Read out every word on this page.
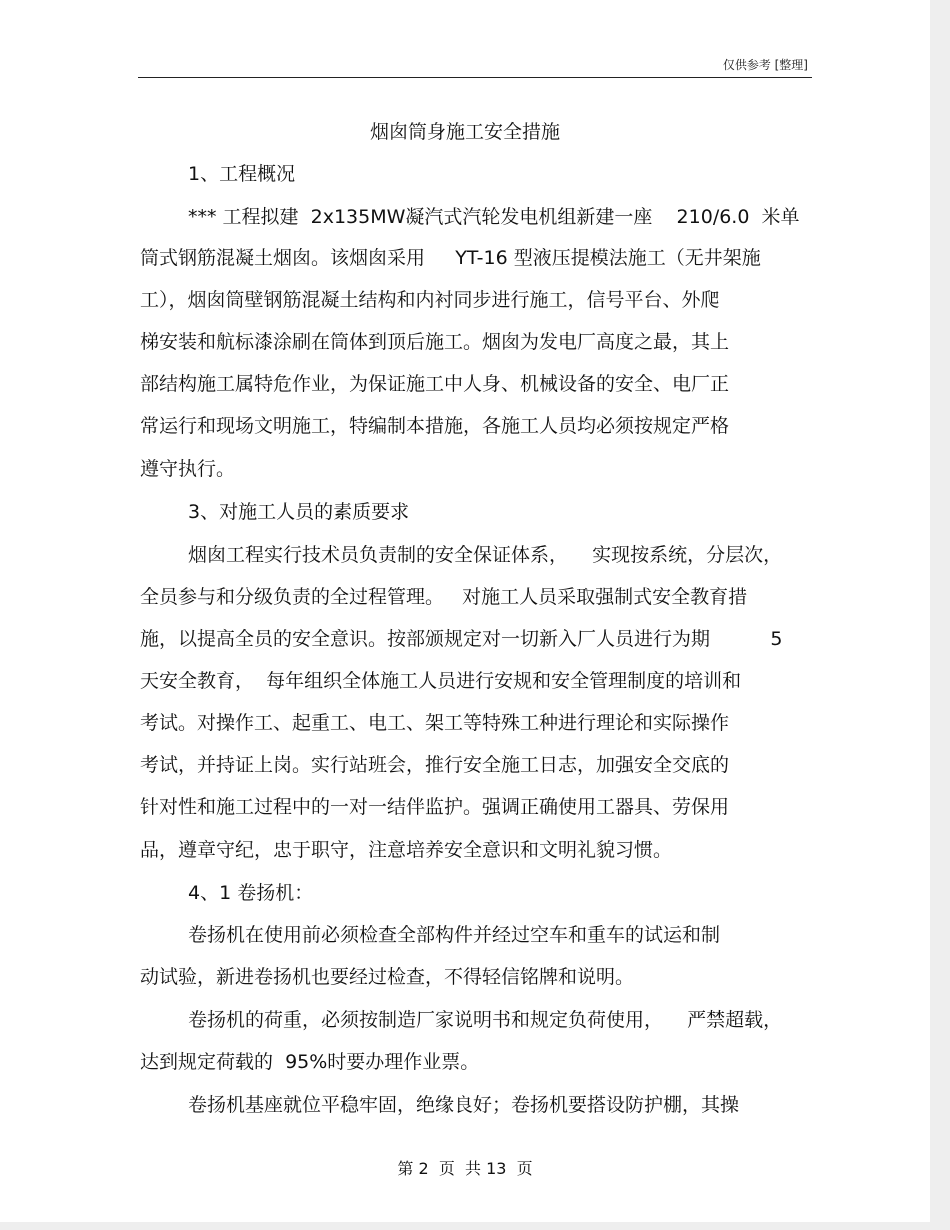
仅供参考 [整理]
烟囱筒身施工安全措施
1、工程概况
*** 工程拟建  2x135MW凝汽式汽轮发电机组新建一座    210/6.0  米单
筒式钢筋混凝土烟囱。该烟囱采用     YT-16 型液压提模法施工（无井架施
工），烟囱筒壁钢筋混凝土结构和内衬同步进行施工，信号平台、外爬
梯安装和航标漆涂刷在筒体到顶后施工。烟囱为发电厂高度之最，其上
部结构施工属特危作业，为保证施工中人身、机械设备的安全、电厂正
常运行和现场文明施工，特编制本措施，各施工人员均必须按规定严格
遵守执行。
3、对施工人员的素质要求
烟囱工程实行技术员负责制的安全保证体系，    实现按系统，分层次，
全员参与和分级负责的全过程管理。   对施工人员采取强制式安全教育措
施，以提高全员的安全意识。按部颁规定对一切新入厂人员进行为期          5
天安全教育，  每年组织全体施工人员进行安规和安全管理制度的培训和
考试。对操作工、起重工、电工、架工等特殊工种进行理论和实际操作
考试，并持证上岗。实行站班会，推行安全施工日志，加强安全交底的
针对性和施工过程中的一对一结伴监护。强调正确使用工器具、劳保用
品，遵章守纪，忠于职守，注意培养安全意识和文明礼貌习惯。
4、1 卷扬机：
卷扬机在使用前必须检查全部构件并经过空车和重车的试运和制
动试验，新进卷扬机也要经过检查，不得轻信铭牌和说明。
卷扬机的荷重，必须按制造厂家说明书和规定负荷使用，    严禁超载，
达到规定荷载的  95%时要办理作业票。
卷扬机基座就位平稳牢固，绝缘良好；卷扬机要搭设防护棚，其操
第 2  页  共 13  页
